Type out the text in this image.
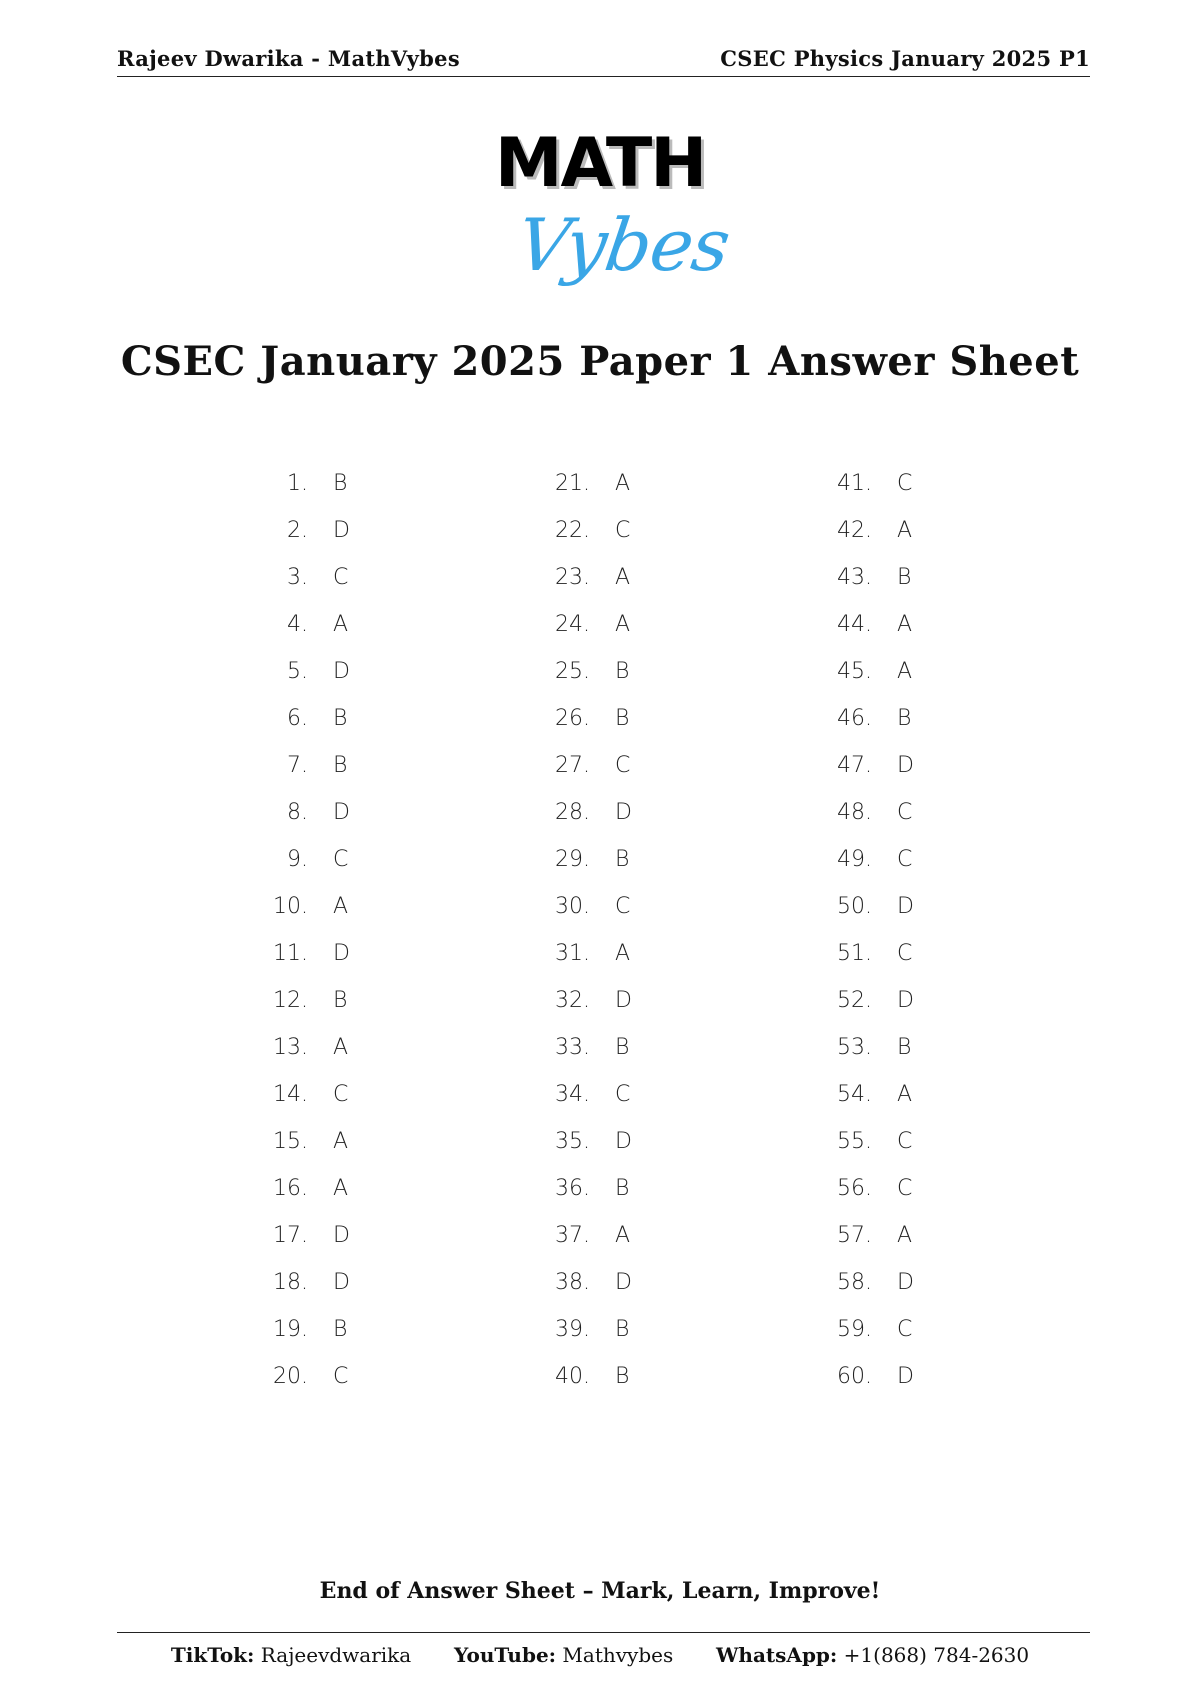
Rajeev Dwarika - MathVybes	CSEC Physics January 2025 P1
MATH
Vybes
CSEC January 2025 Paper 1 Answer Sheet
1.	B
2.	D
3.	C
4.	A
5.	D
6.	B
7.	B
8.	D
9.	C
10.	A
11.	D
12.	B
13.	A
14.	C
15.	A
16.	A
17.	D
18.	D
19.	B
20.	C
21.	A
22.	C
23.	A
24.	A
25.	B
26.	B
27.	C
28.	D
29.	B
30.	C
31.	A
32.	D
33.	B
34.	C
35.	D
36.	B
37.	A
38.	D
39.	B
40.	B
41.	C
42.	A
43.	B
44.	A
45.	A
46.	B
47.	D
48.	C
49.	C
50.	D
51.	C
52.	D
53.	B
54.	A
55.	C
56.	C
57.	A
58.	D
59.	C
60.	D
End of Answer Sheet – Mark, Learn, Improve!
TikTok: Rajeevdwarika YouTube: Mathvybes WhatsApp: +1(868) 784-2630
